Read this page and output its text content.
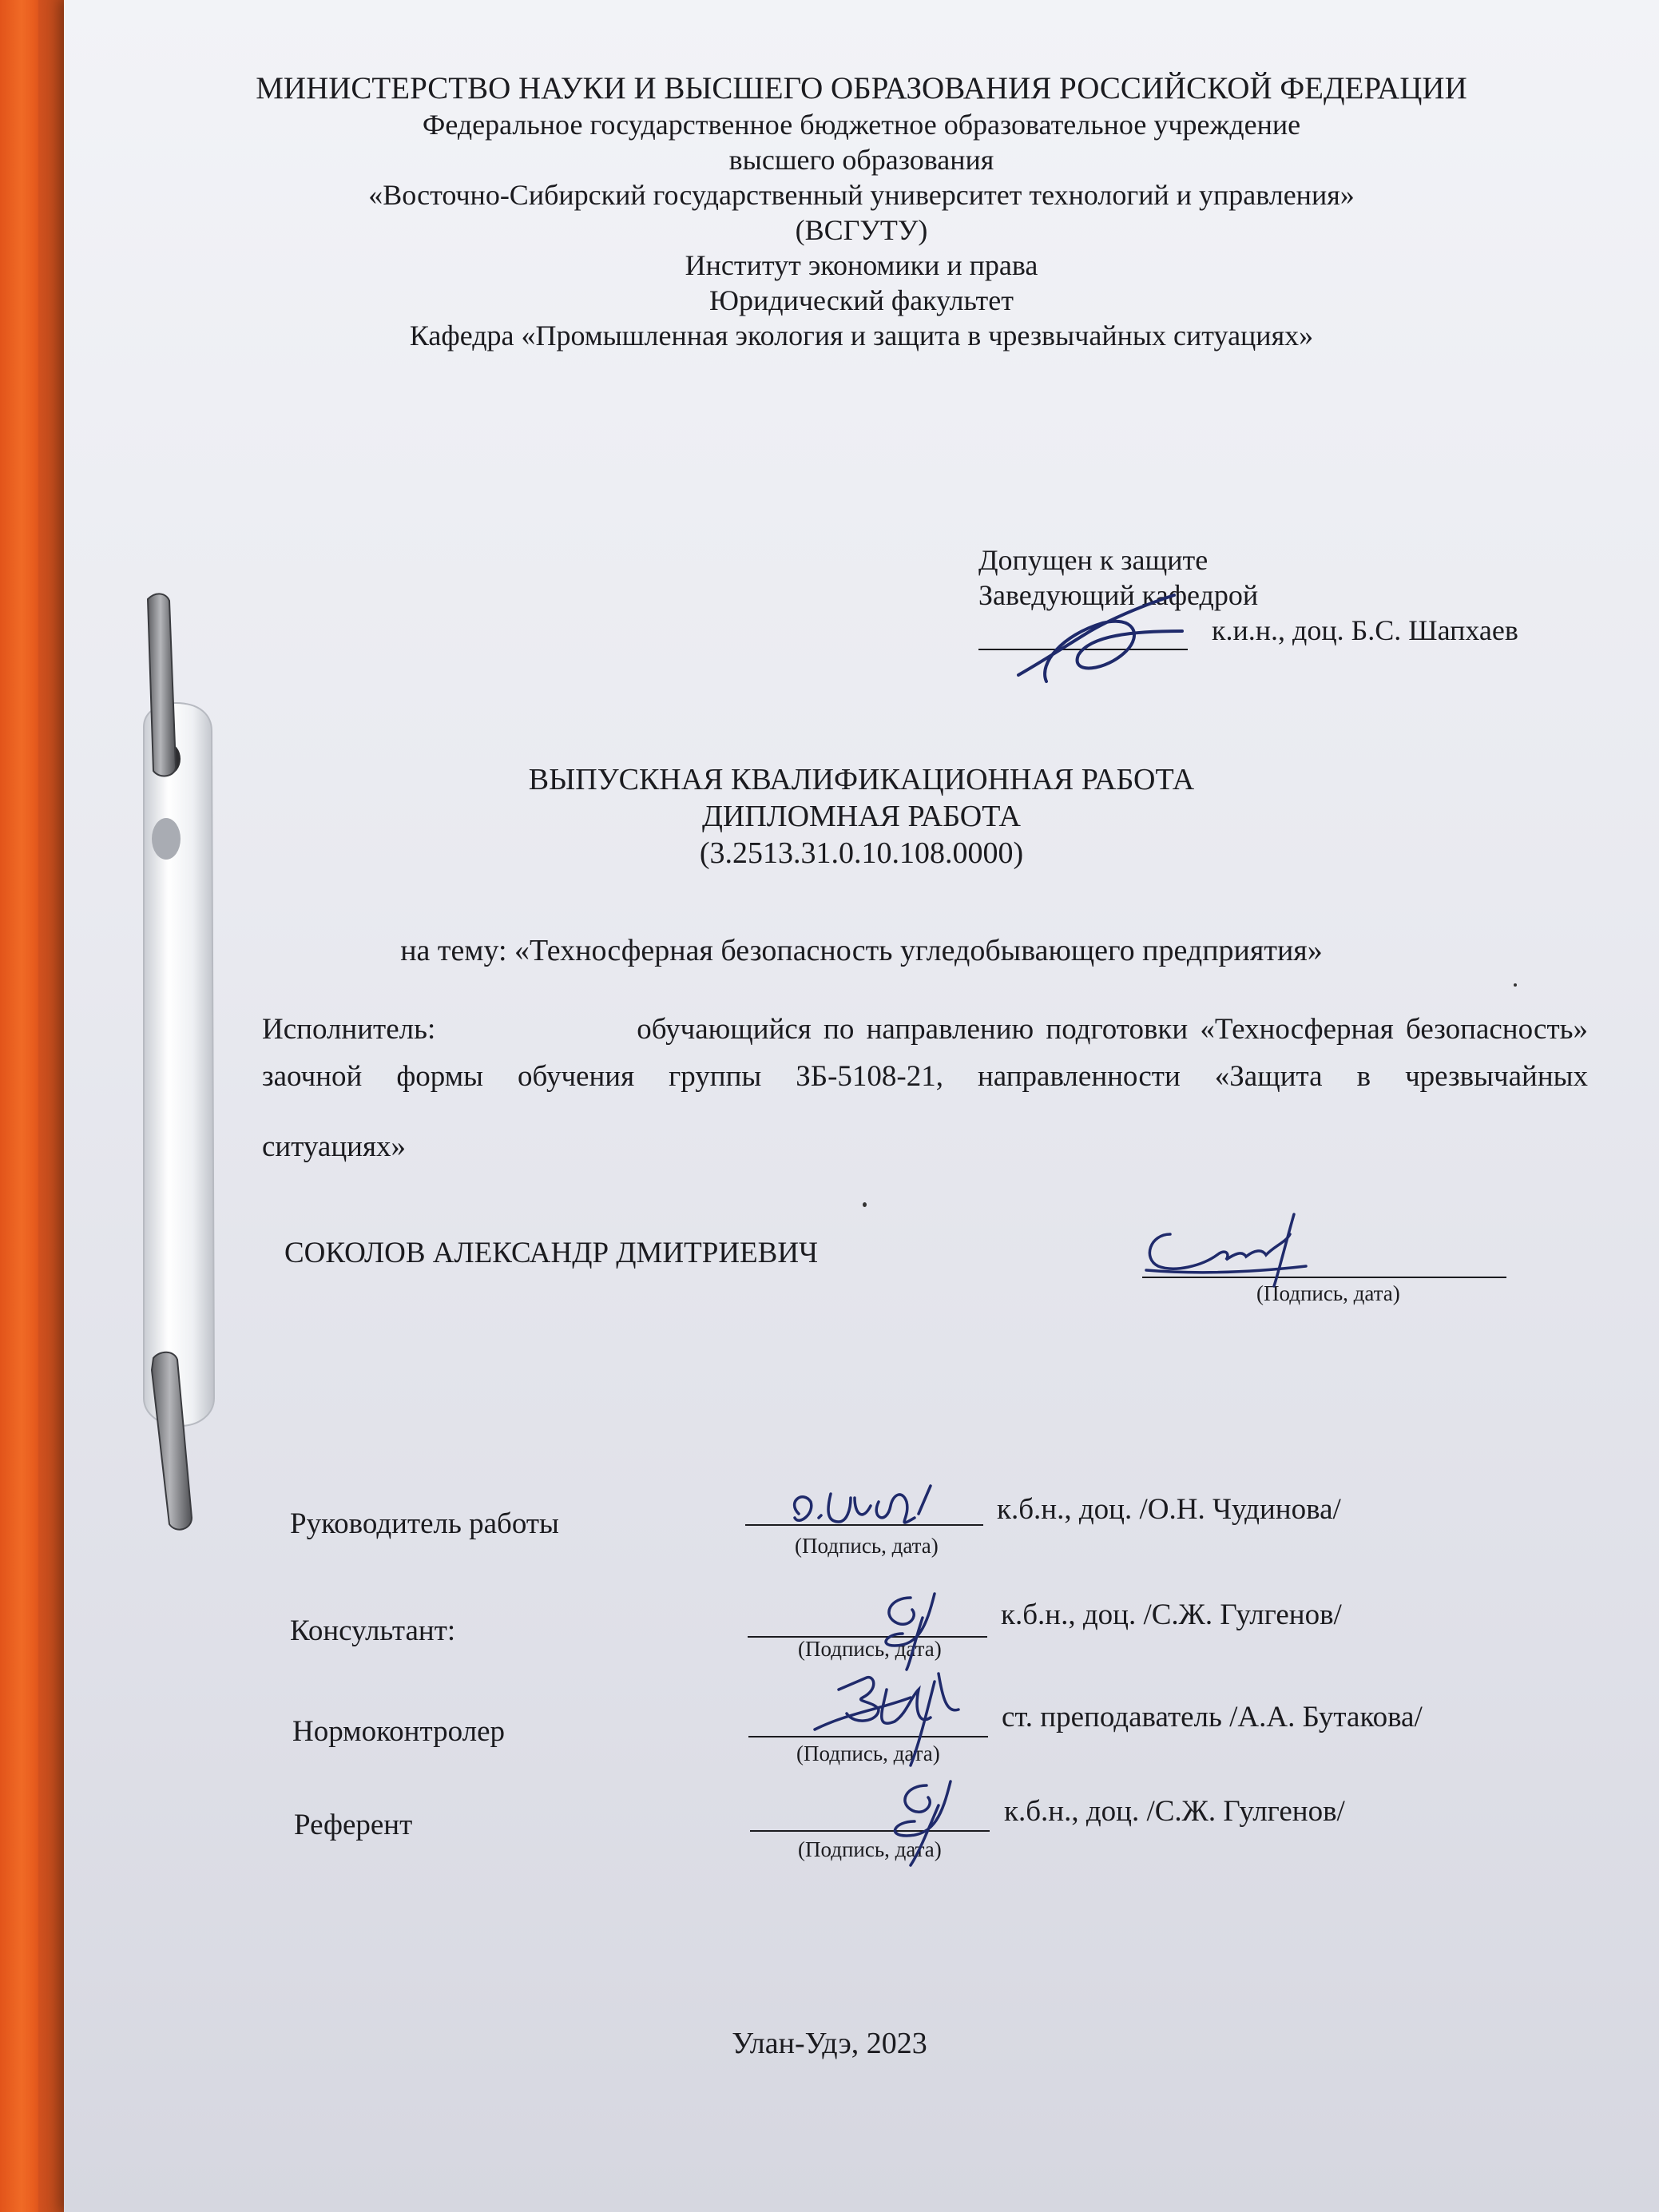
МИНИСТЕРСТВО НАУКИ И ВЫСШЕГО ОБРАЗОВАНИЯ РОССИЙСКОЙ ФЕДЕРАЦИИ
Федеральное государственное бюджетное образовательное учреждение
высшего образования
«Восточно-Сибирский государственный университет технологий и управления»
(ВСГУТУ)
Институт экономики и права
Юридический факультет
Кафедра «Промышленная экология и защита в чрезвычайных ситуациях»
Допущен к защите
Заведующий кафедрой
к.и.н., доц. Б.С. Шапхаев
ВЫПУСКНАЯ КВАЛИФИКАЦИОННАЯ РАБОТА
ДИПЛОМНАЯ РАБОТА
(3.2513.31.0.10.108.0000)
на тему: «Техносферная безопасность угледобывающего предприятия»
Исполнитель:	обучающийся по направлению подготовки «Техносферная безопасность»
заочной формы обучения группы ЗБ-5108-21, направленности «Защита в чрезвычайных
ситуациях»
СОКОЛОВ АЛЕКСАНДР ДМИТРИЕВИЧ
(Подпись, дата)
Руководитель работы	к.б.н., доц. /О.Н. Чудинова/
(Подпись, дата)
Консультант:	к.б.н., доц. /С.Ж. Гулгенов/
(Подпись, дата)
Нормоконтролер	ст. преподаватель /А.А. Бутакова/
(Подпись, дата)
Референт	к.б.н., доц. /С.Ж. Гулгенов/
(Подпись, дата)
Улан-Удэ, 2023
